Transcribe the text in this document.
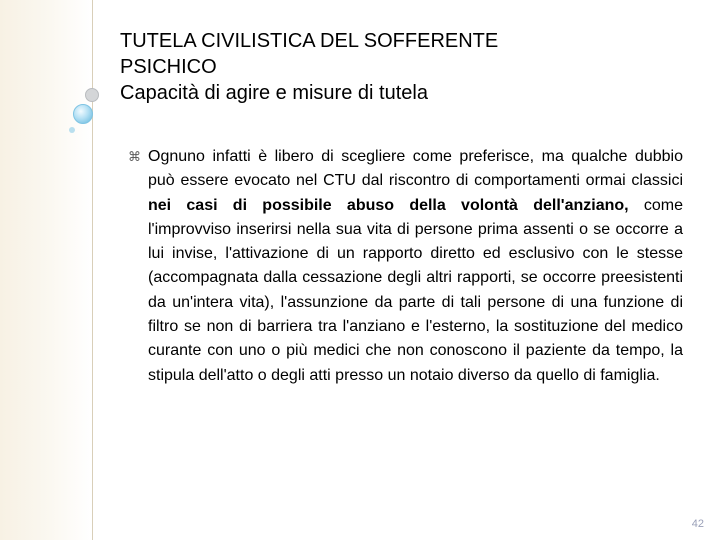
TUTELA CIVILISTICA DEL SOFFERENTE
PSICHICO
Capacità di agire e misure di tutela
⌘ Ognuno infatti è libero di scegliere come preferisce, ma qualche dubbio può essere evocato nel CTU dal riscontro di comportamenti ormai classici nei casi di possibile abuso della volontà dell'anziano, come l'improvviso inserirsi nella sua vita di persone prima assenti o se occorre a lui invise, l'attivazione di un rapporto diretto ed esclusivo con le stesse (accompagnata dalla cessazione degli altri rapporti, se occorre preesistenti da un'intera vita), l'assunzione da parte di tali persone di una funzione di filtro se non di barriera tra l'anziano e l'esterno, la sostituzione del medico curante con uno o più medici che non conoscono il paziente da tempo, la stipula dell'atto o degli atti presso un notaio diverso da quello di famiglia.
42
